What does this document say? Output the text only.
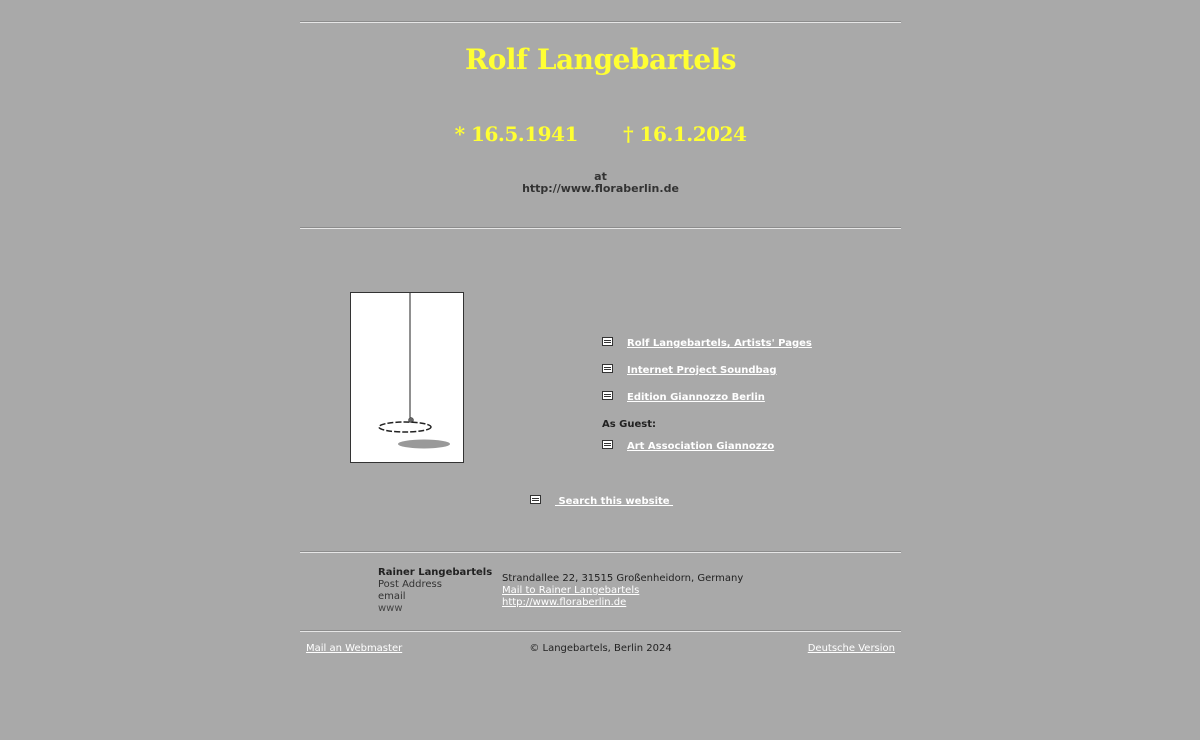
Rolf Langebartels
* 16.5.1941       † 16.1.2024
at
http://www.floraberlin.de
Rolf Langebartels, Artists' Pages
Internet Project Soundbag
Edition Giannozzo Berlin
As Guest:
Art Association Giannozzo
Search this website
Rainer Langebartels
Post Address
email
www
Strandallee 22, 31515 Großenheidorn, Germany
Mail to Rainer Langebartels
http://www.floraberlin.de
© Langebartels, Berlin 2024
Mail an Webmaster	Deutsche Version
